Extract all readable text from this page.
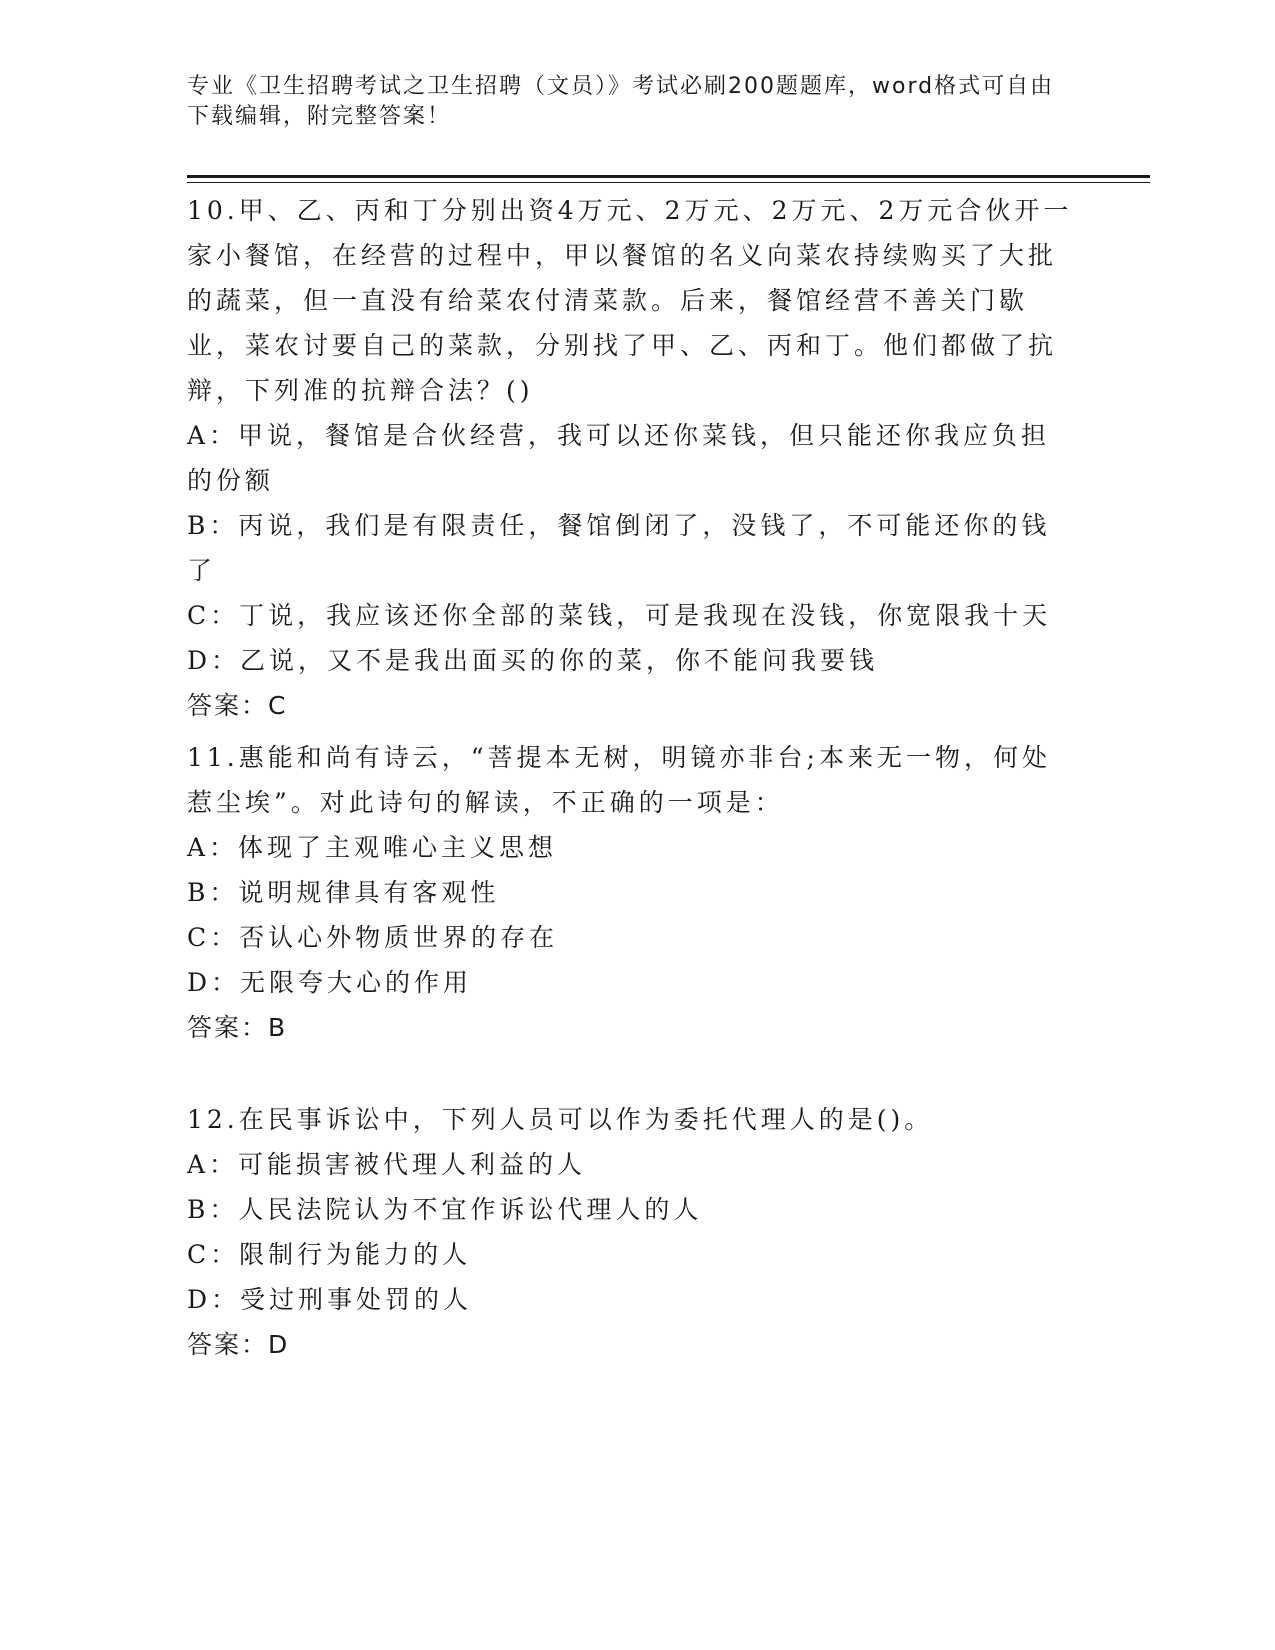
专业《卫生招聘考试之卫生招聘（文员）》考试必刷200题题库，word格式可自由下载编辑，附完整答案！

10.甲、乙、丙和丁分别出资4万元、2万元、2万元、2万元合伙开一家小餐馆，在经营的过程中，甲以餐馆的名义向菜农持续购买了大批的蔬菜，但一直没有给菜农付清菜款。后来，餐馆经营不善关门歇业，菜农讨要自己的菜款，分别找了甲、乙、丙和丁。他们都做了抗辩，下列准的抗辩合法？()

A：甲说，餐馆是合伙经营，我可以还你菜钱，但只能还你我应负担的份额

B：丙说，我们是有限责任，餐馆倒闭了，没钱了，不可能还你的钱了

C：丁说，我应该还你全部的菜钱，可是我现在没钱，你宽限我十天

D：乙说，又不是我出面买的你的菜，你不能问我要钱

答案：C

11.惠能和尚有诗云，“菩提本无树，明镜亦非台;本来无一物，何处惹尘埃”。对此诗句的解读，不正确的一项是：

A：体现了主观唯心主义思想

B：说明规律具有客观性

C：否认心外物质世界的存在

D：无限夸大心的作用

答案：B

12.在民事诉讼中，下列人员可以作为委托代理人的是()。

A：可能损害被代理人利益的人

B：人民法院认为不宜作诉讼代理人的人

C：限制行为能力的人

D：受过刑事处罚的人

答案：D
